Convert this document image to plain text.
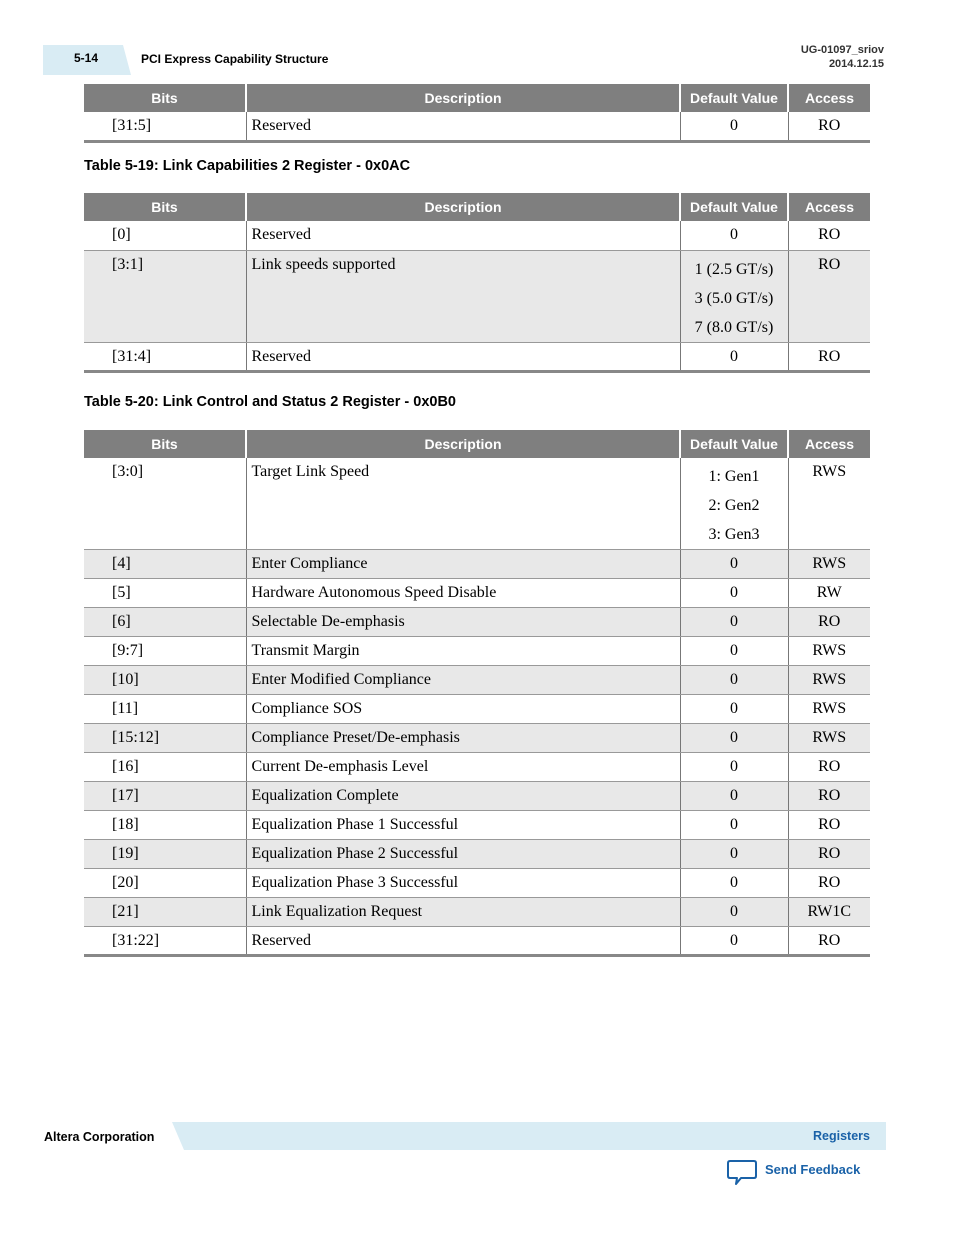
5-14	PCI Express Capability Structure
UG-01097_sriov
2014.12.15
Bits	Description	Default Value	Access
[31:5]	Reserved	0	RO
Table 5-19: Link Capabilities 2 Register - 0x0AC
Bits	Description	Default Value	Access
[0]	Reserved	0	RO
[3:1]	Link speeds supported	1 (2.5 GT/s)
3 (5.0 GT/s)
7 (8.0 GT/s)	RO
[31:4]	Reserved	0	RO
Table 5-20: Link Control and Status 2 Register - 0x0B0
Bits	Description	Default Value	Access
[3:0]	Target Link Speed	1: Gen1
2: Gen2
3: Gen3	RWS
[4]	Enter Compliance	0	RWS
[5]	Hardware Autonomous Speed Disable	0	RW
[6]	Selectable De-emphasis	0	RO
[9:7]	Transmit Margin	0	RWS
[10]	Enter Modified Compliance	0	RWS
[11]	Compliance SOS	0	RWS
[15:12]	Compliance Preset/De-emphasis	0	RWS
[16]	Current De-emphasis Level	0	RO
[17]	Equalization Complete	0	RO
[18]	Equalization Phase 1 Successful	0	RO
[19]	Equalization Phase 2 Successful	0	RO
[20]	Equalization Phase 3 Successful	0	RO
[21]	Link Equalization Request	0	RW1C
[31:22]	Reserved	0	RO
Altera Corporation	Registers
Send Feedback
